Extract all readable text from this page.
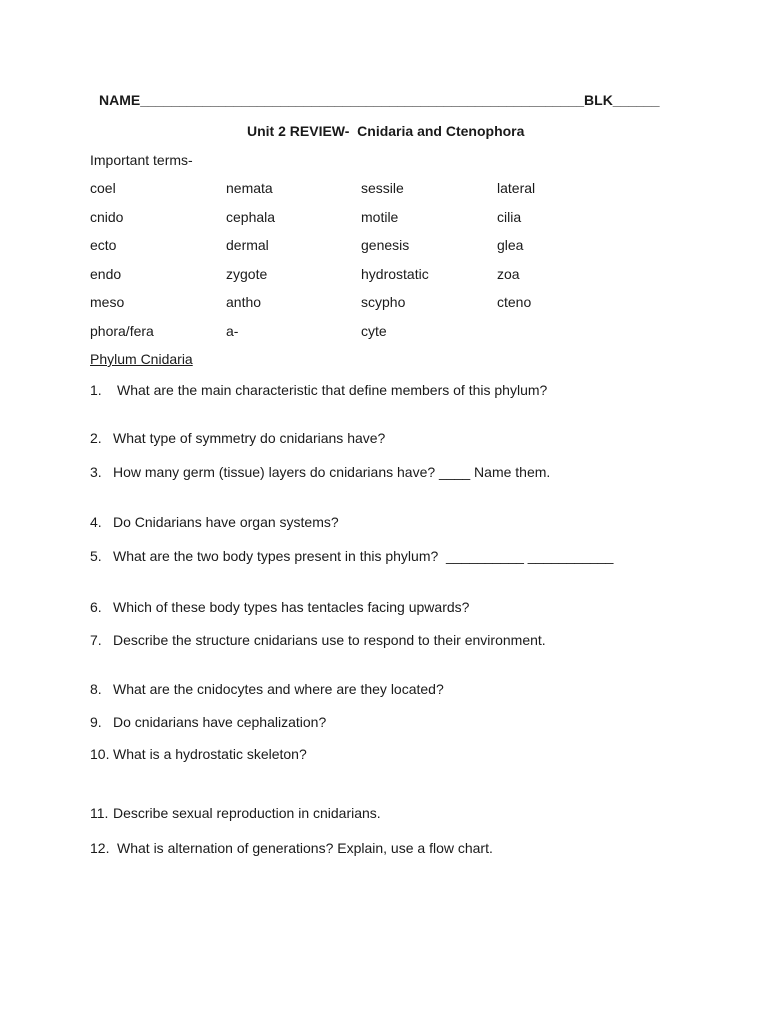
NAME_________________________________________________________BLK______
Unit 2 REVIEW-  Cnidaria and Ctenophora
Important terms-
coel
cnido
ecto
endo
meso
phora/fera
nemata
cephala
dermal
zygote
antho
a-
sessile
motile
genesis
hydrostatic
scypho
cyte
lateral
cilia
glea
zoa
cteno
Phylum Cnidaria
1. What are the main characteristic that define members of this phylum?
2. What type of symmetry do cnidarians have?
3. How many germ (tissue) layers do cnidarians have? ____ Name them.
4. Do Cnidarians have organ systems?
5. What are the two body types present in this phylum?  __________ ___________
6. Which of these body types has tentacles facing upwards?
7. Describe the structure cnidarians use to respond to their environment.
8. What are the cnidocytes and where are they located?
9. Do cnidarians have cephalization?
10. What is a hydrostatic skeleton?
11. Describe sexual reproduction in cnidarians.
12. What is alternation of generations? Explain, use a flow chart.
